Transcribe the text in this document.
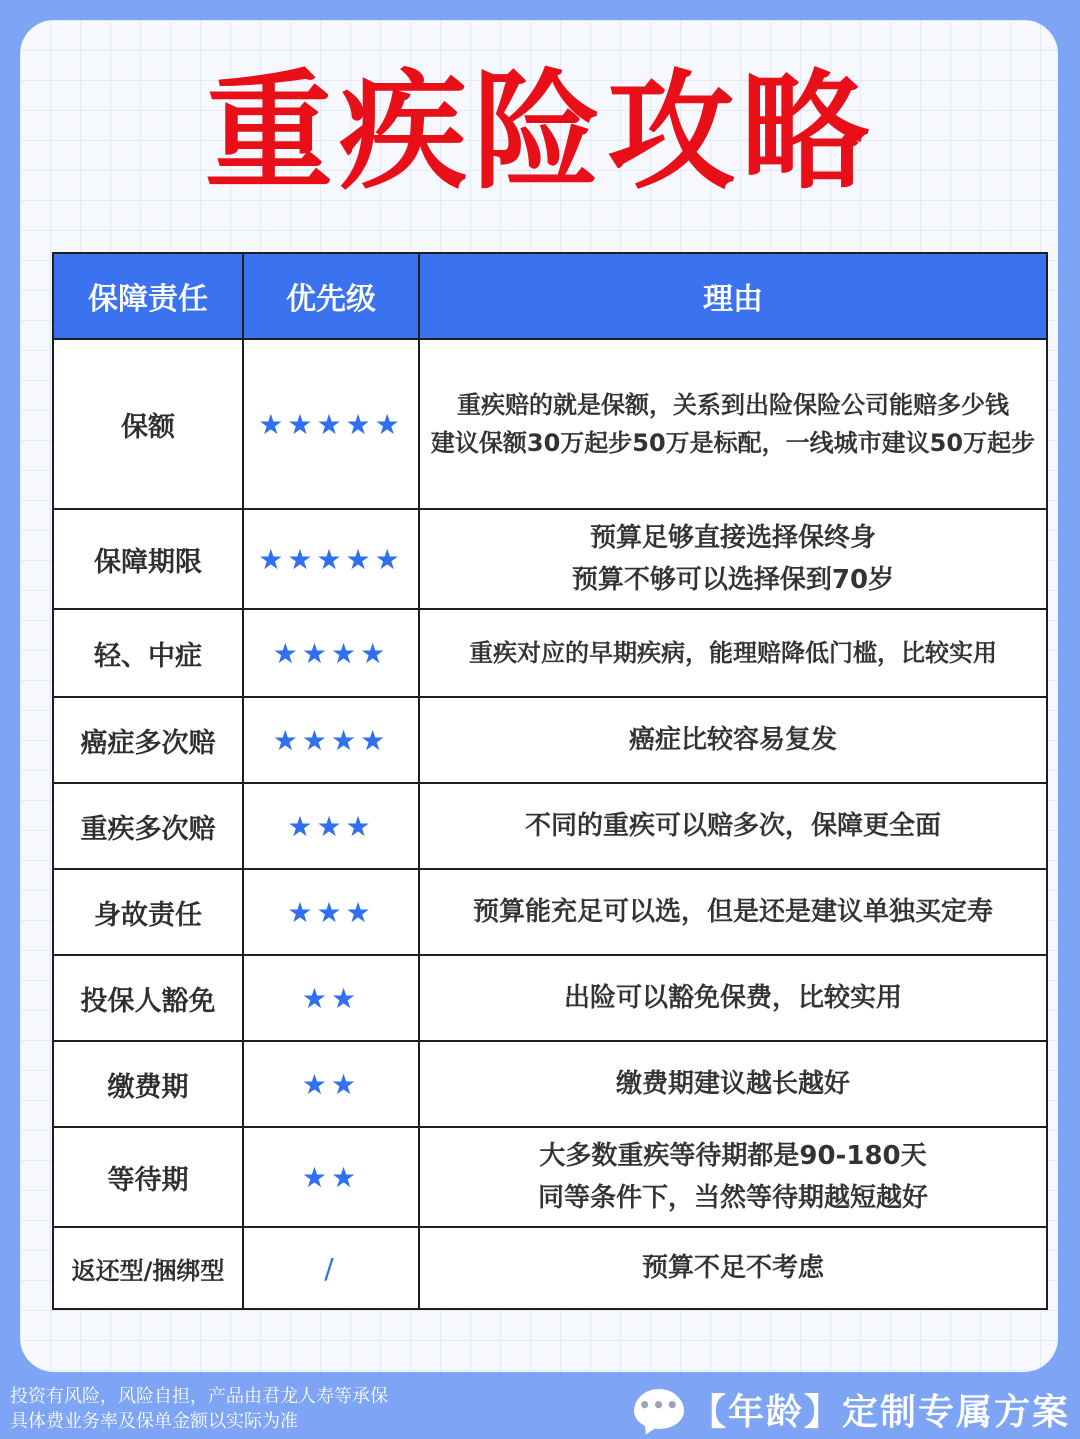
重疾险攻略
保障责任	优先级	理由
保额	★★★★★	重疾赔的就是保额，关系到出险保险公司能赔多少钱
建议保额30万起步50万是标配，一线城市建议50万起步

保障期限	★★★★★	预算足够直接选择保终身
预算不够可以选择保到70岁

轻、中症	★★★★	重疾对应的早期疾病，能理赔降低门槛，比较实用
癌症多次赔	★★★★	癌症比较容易复发
重疾多次赔	★★★	不同的重疾可以赔多次，保障更全面
身故责任	★★★	预算能充足可以选，但是还是建议单独买定寿
投保人豁免	★★	出险可以豁免保费，比较实用
缴费期	★★	缴费期建议越长越好
等待期	★★	大多数重疾等待期都是90-180天
同等条件下，当然等待期越短越好

返还型/捆绑型	/	预算不足不考虑
投资有风险，风险自担，产品由君龙人寿等承保
具体费业务率及保单金额以实际为准
••• 【年龄】定制专属方案
